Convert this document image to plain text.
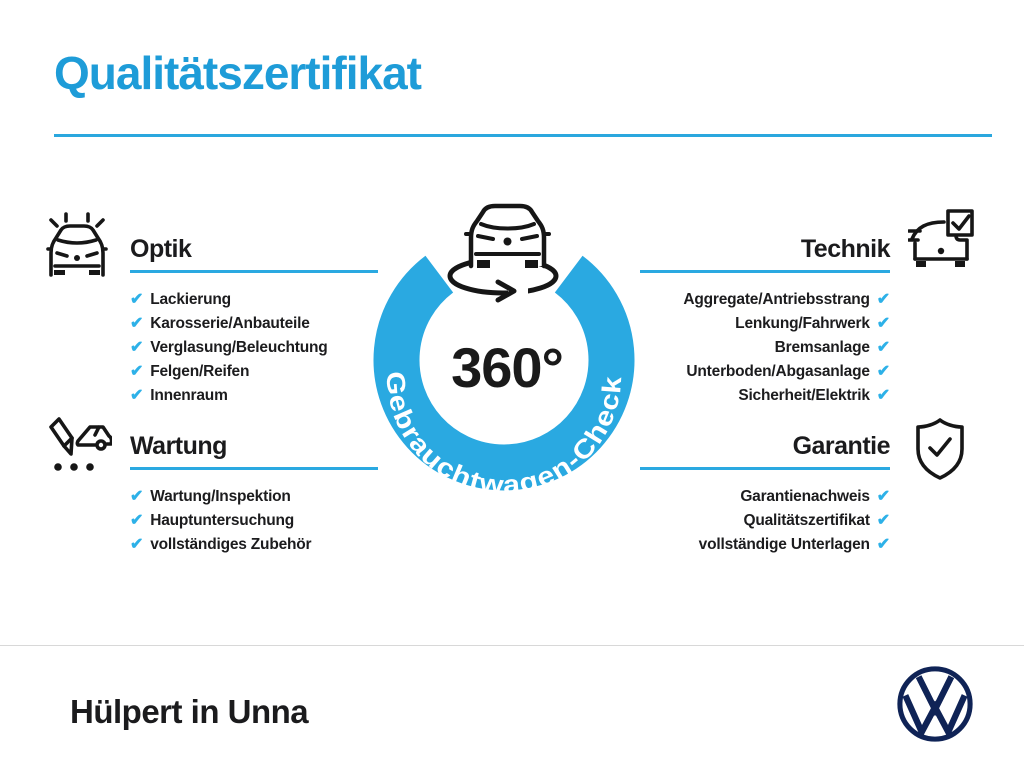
Qualitätszertifikat
Optik
✔ Lackierung
✔ Karosserie/Anbauteile
✔ Verglasung/Beleuchtung
✔ Felgen/Reifen
✔ Innenraum
Technik
Aggregate/Antriebsstrang ✔
Lenkung/Fahrwerk ✔
Bremsanlage ✔
Unterboden/Abgasanlage ✔
Sicherheit/Elektrik ✔
Wartung
✔ Wartung/Inspektion
✔ Hauptuntersuchung
✔ vollständiges Zubehör
Garantie
Garantienachweis ✔
Qualitätszertifikat ✔
vollständige Unterlagen ✔
360°
Gebrauchtwagen-Check
Hülpert in Unna
